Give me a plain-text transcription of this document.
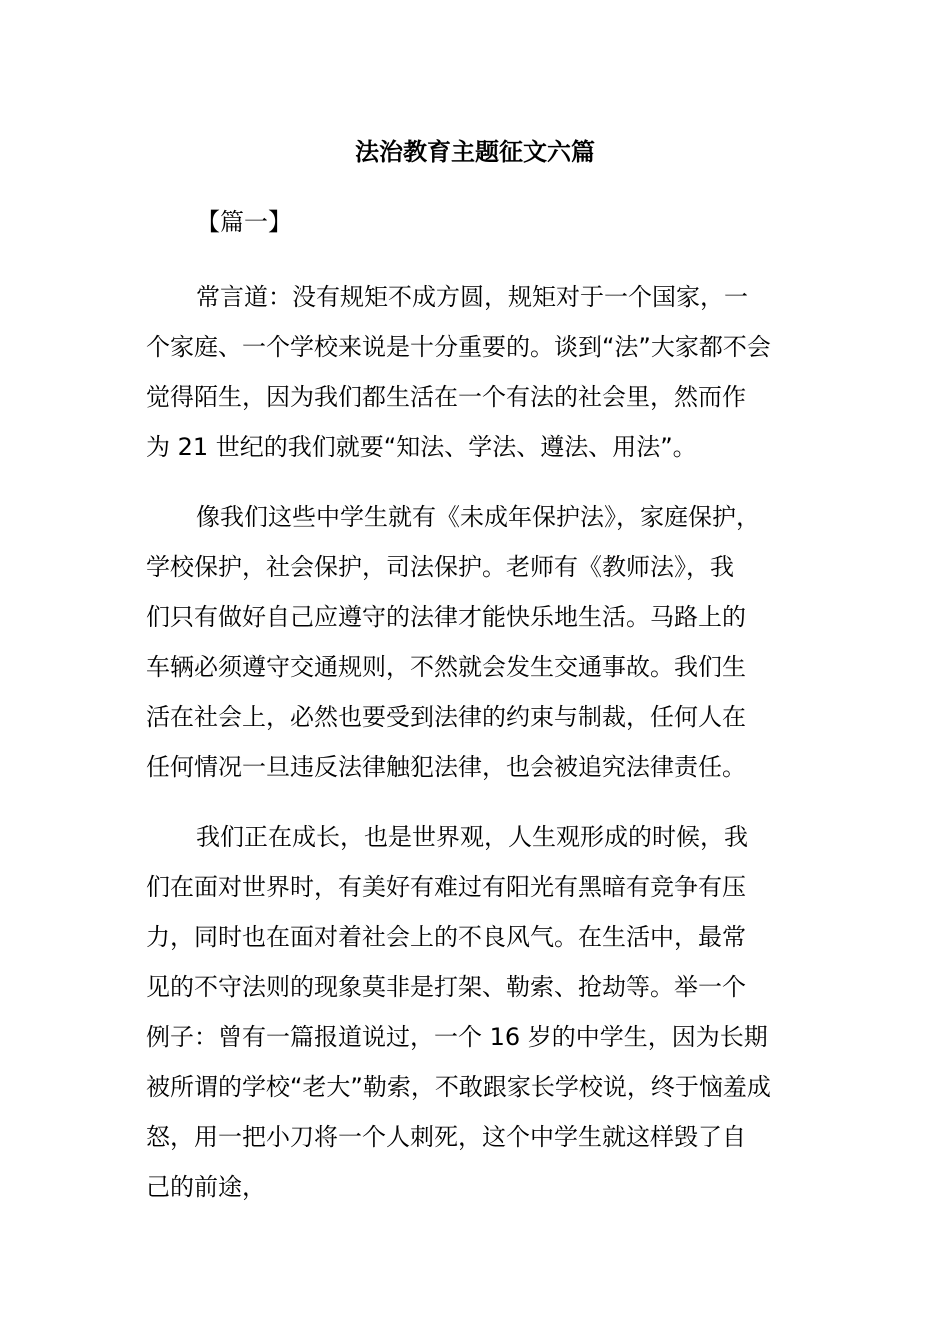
法治教育主题征文六篇
【篇一】

常言道：没有规矩不成方圆，规矩对于一个国家，一
个家庭、一个学校来说是十分重要的。谈到“法”大家都不会
觉得陌生，因为我们都生活在一个有法的社会里，然而作
为 21 世纪的我们就要“知法、学法、遵法、用法”。

像我们这些中学生就有《未成年保护法》，家庭保护，
学校保护，社会保护，司法保护。老师有《教师法》，我
们只有做好自己应遵守的法律才能快乐地生活。马路上的
车辆必须遵守交通规则，不然就会发生交通事故。我们生
活在社会上，必然也要受到法律的约束与制裁，任何人在
任何情况一旦违反法律触犯法律，也会被追究法律责任。

我们正在成长，也是世界观，人生观形成的时候，我
们在面对世界时，有美好有难过有阳光有黑暗有竞争有压
力，同时也在面对着社会上的不良风气。在生活中，最常
见的不守法则的现象莫非是打架、勒索、抢劫等。举一个
例子：曾有一篇报道说过，一个 16 岁的中学生，因为长期
被所谓的学校“老大”勒索，不敢跟家长学校说，终于恼羞成
怒，用一把小刀将一个人刺死，这个中学生就这样毁了自
己的前途，
